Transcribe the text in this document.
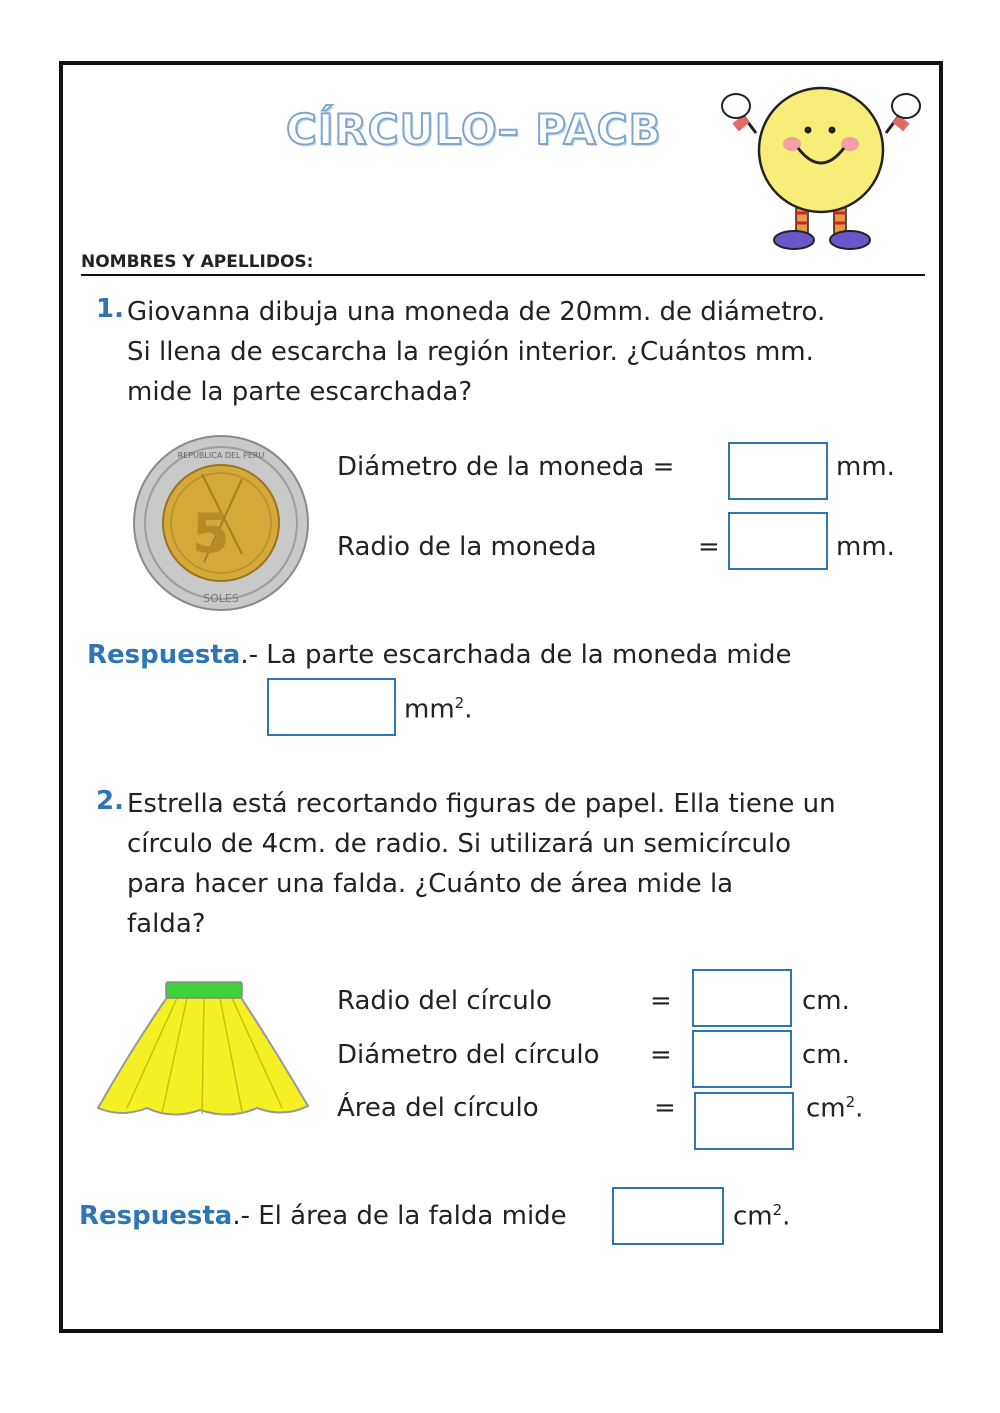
CÍRCULO– PACB
NOMBRES Y APELLIDOS:
1. Giovanna dibuja una moneda de 20mm. de diámetro.
Si llena de escarcha la región interior. ¿Cuántos mm.
mide la parte escarchada?
5
REPUBLICA DEL PERU
SOLES
Diámetro de la moneda =	mm.
Radio de la moneda	=	mm.
Respuesta.- La parte escarchada de la moneda mide
$mm^2$.
2. Estrella está recortando figuras de papel. Ella tiene un
círculo de 4cm. de radio. Si utilizará un semicírculo
para hacer una falda. ¿Cuánto de área mide la
falda?
Radio del círculo	=	cm.
Diámetro del círculo =	cm.
Área del círculo	=	$cm^2$.
Respuesta.- El área de la falda mide	$cm^2$.
